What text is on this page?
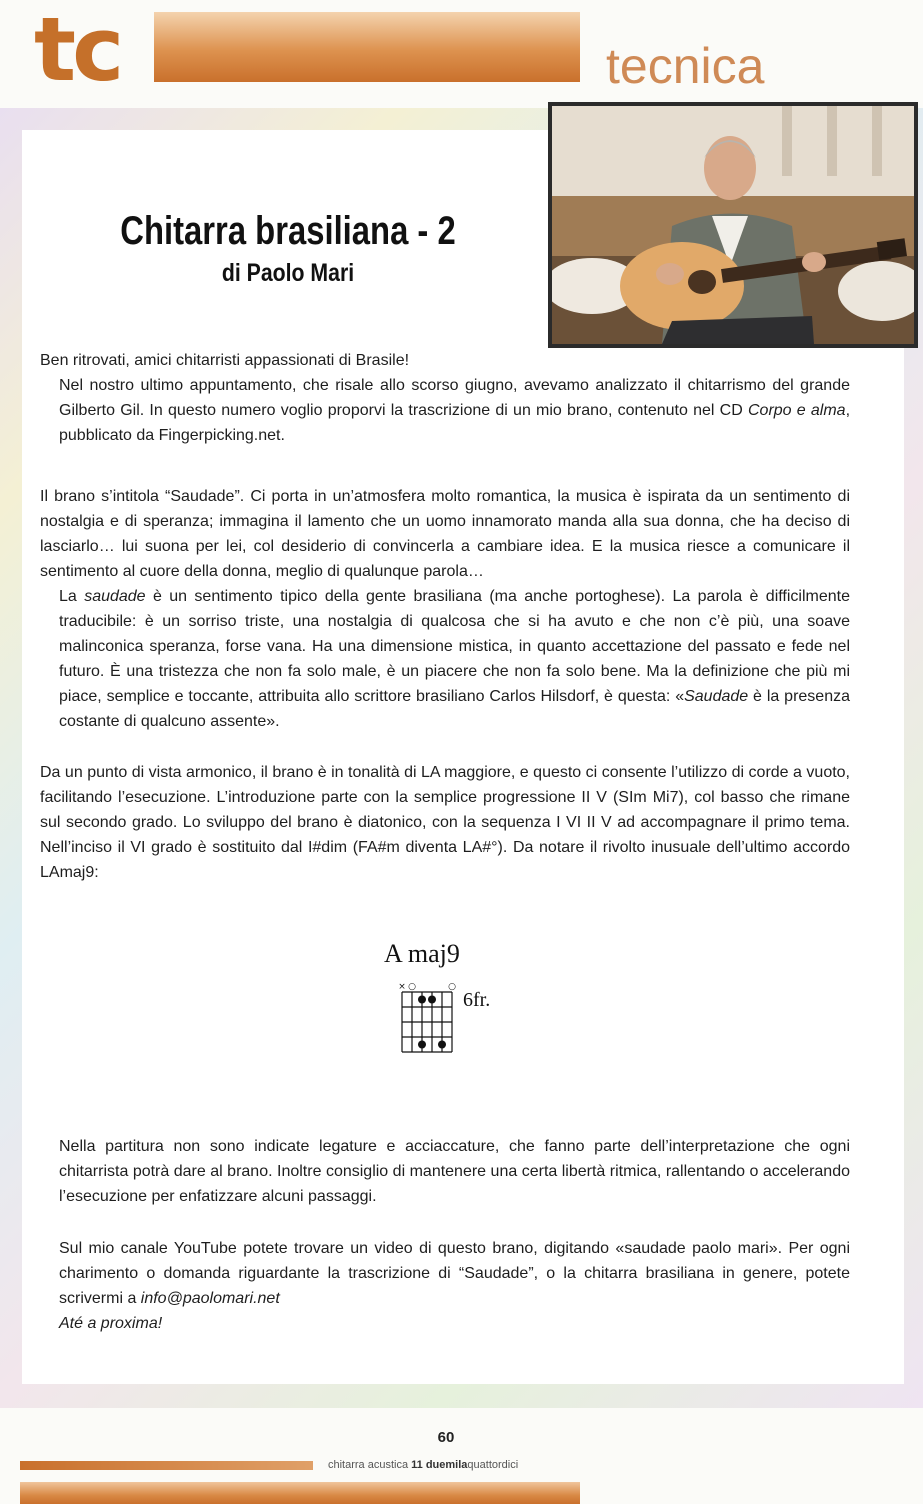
tc	tecnica
Chitarra brasiliana - 2
di Paolo Mari

Ben ritrovati, amici chitarristi appassionati di Brasile!

Nel nostro ultimo appuntamento, che risale allo scorso giugno, avevamo analizzato il chitarrismo del grande Gilberto Gil. In questo numero voglio proporvi la trascrizione di un mio brano, contenuto nel CD Corpo e alma, pubblicato da Fingerpicking.net.

Il brano s’intitola “Saudade”. Ci porta in un’atmosfera molto romantica, la musica è ispirata da un sentimento di nostalgia e di speranza; immagina il lamento che un uomo innamorato manda alla sua donna, che ha deciso di lasciarlo… lui suona per lei, col desiderio di convincerla a cambiare idea. E la musica riesce a comunicare il sentimento al cuore della donna, meglio di qualunque parola…

La saudade è un sentimento tipico della gente brasiliana (ma anche portoghese). La parola è difficilmente traducibile: è un sorriso triste, una nostalgia di qualcosa che si ha avuto e che non c’è più, una soave malinconica speranza, forse vana. Ha una dimensione mistica, in quanto accettazione del passato e fede nel futuro. È una tristezza che non fa solo male, è un piacere che non fa solo bene. Ma la definizione che più mi piace, semplice e toccante, attribuita allo scrittore brasiliano Carlos Hilsdorf, è questa: «Saudade è la presenza costante di qualcuno assente».

Da un punto di vista armonico, il brano è in tonalità di LA maggiore, e questo ci consente l’utilizzo di corde a vuoto, facilitando l’esecuzione. L’introduzione parte con la semplice progressione II V (SIm Mi7), col basso che rimane sul secondo grado. Lo sviluppo del brano è diatonico, con la sequenza I VI II V ad accompagnare il primo tema. Nell’inciso il VI grado è sostituito dal I#dim (FA#m diventa LA#°). Da notare il rivolto inusuale dell’ultimo accordo LAmaj9:

A maj9
× ○	○
6fr.

Nella partitura non sono indicate legature e acciaccature, che fanno parte dell’interpretazione che ogni chitarrista potrà dare al brano. Inoltre consiglio di mantenere una certa libertà ritmica, rallentando o accelerando l’esecuzione per enfatizzare alcuni passaggi.

Sul mio canale YouTube potete trovare un video di questo brano, digitando «saudade paolo mari». Per ogni charimento o domanda riguardante la trascrizione di “Saudade”, o la chitarra brasiliana in genere, potete scrivermi a info@paolomari.net

Até a proxima!

60
chitarra acustica 11 duemilaquattordici
